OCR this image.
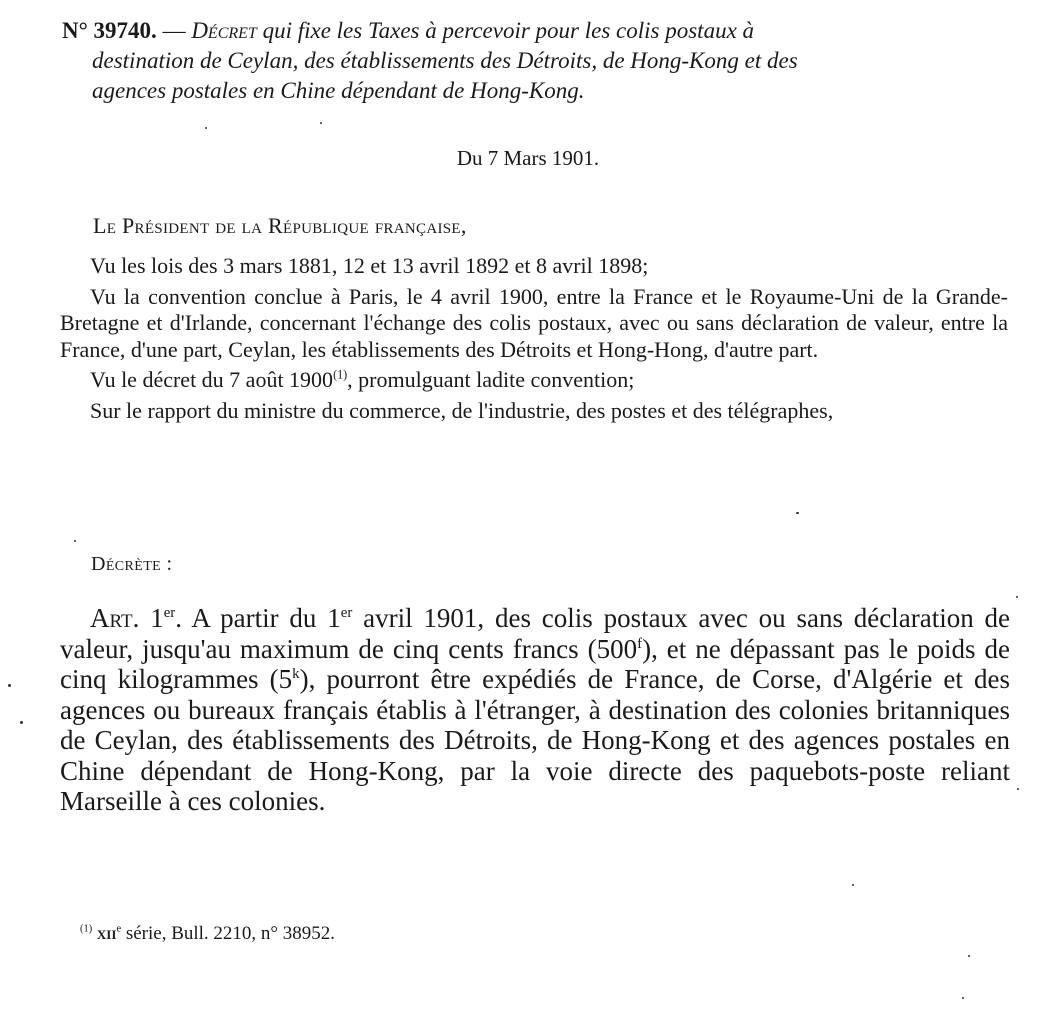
N° 39740. — Décret qui fixe les Taxes à percevoir pour les colis postaux à
destination de Ceylan, des établissements des Détroits, de Hong-Kong et des
agences postales en Chine dépendant de Hong-Kong.
Du 7 Mars 1901.
Le Président de la République française,

Vu les lois des 3 mars 1881, 12 et 13 avril 1892 et 8 avril 1898;

Vu la convention conclue à Paris, le 4 avril 1900, entre la France et le Royaume-Uni de la Grande-Bretagne et d'Irlande, concernant l'échange des colis postaux, avec ou sans déclaration de valeur, entre la France, d'une part, Ceylan, les établissements des Détroits et Hong-Hong, d'autre part.

Vu le décret du 7 août 1900$^{(1)}$, promulguant ladite convention;

Sur le rapport du ministre du commerce, de l'industrie, des postes et des télégraphes,

Décrète :

Art. 1er. A partir du 1er avril 1901, des colis postaux avec ou sans déclaration de valeur, jusqu'au maximum de cinq cents francs (500$^f$), et ne dépassant pas le poids de cinq kilogrammes (5$^k$), pourront être expédiés de France, de Corse, d'Algérie et des agences ou bureaux français établis à l'étranger, à destination des colonies britanniques de Ceylan, des établissements des Détroits, de Hong-Kong et des agences postales en Chine dépendant de Hong-Kong, par la voie directe des paquebots-poste reliant Marseille à ces colonies.

$^{(1)}$ xii$^e$ série, Bull. 2210, n° 38952.
